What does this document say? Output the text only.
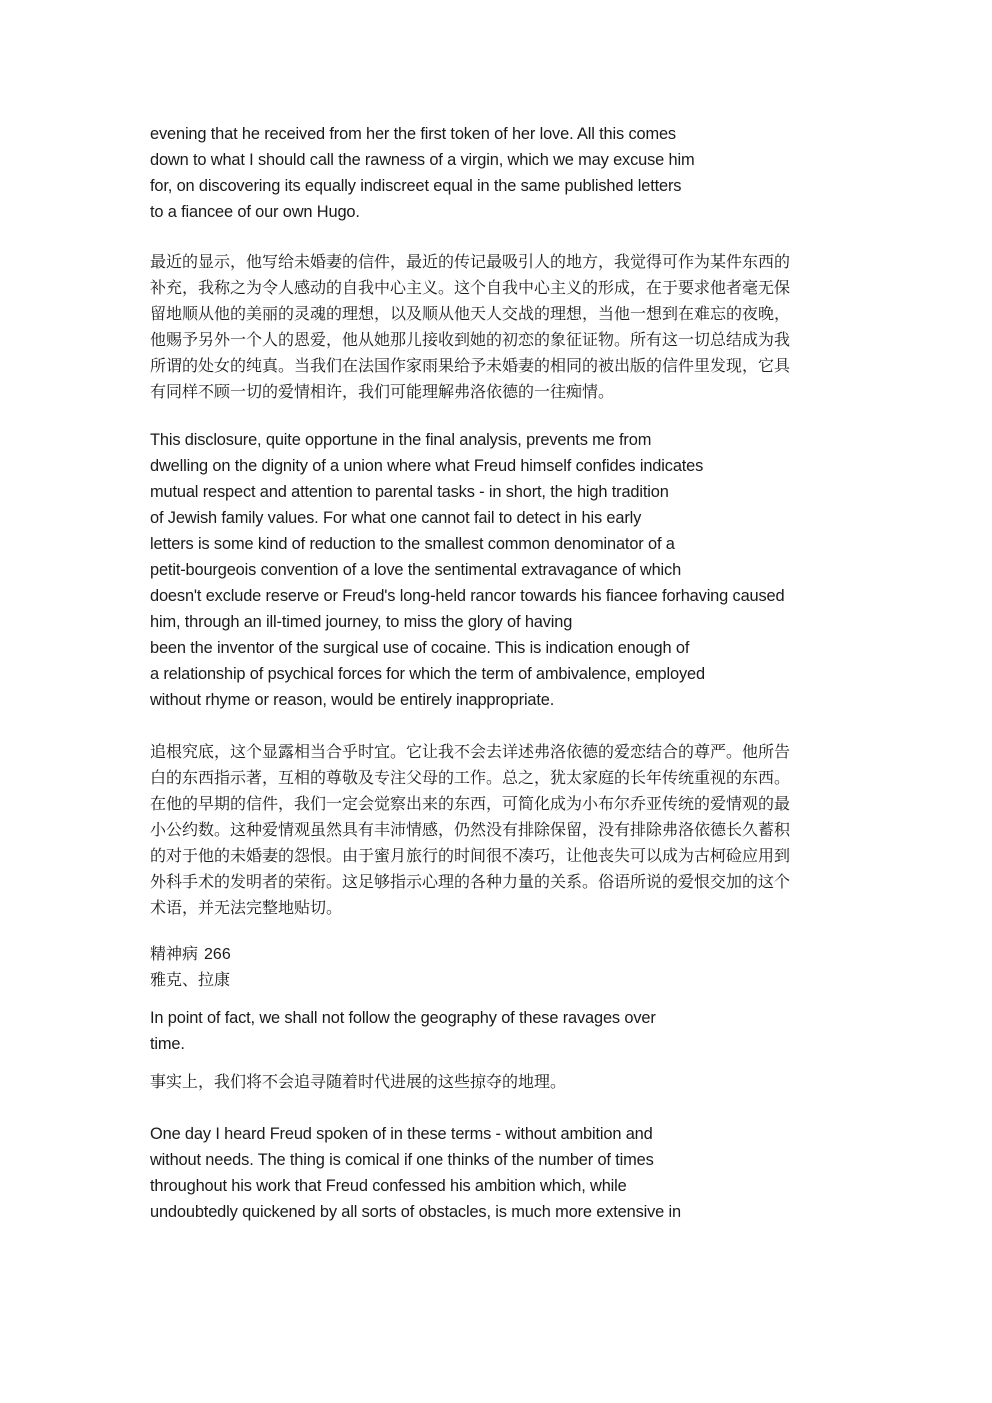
evening that he received from her the first token of her love. All this comes
down to what I should call the rawness of a virgin, which we may excuse him
for, on discovering its equally indiscreet equal in the same published letters
to a fiancee of our own Hugo.
最近的显示，他写给未婚妻的信件，最近的传记最吸引人的地方，我觉得可作为某件东西的
补充，我称之为令人感动的自我中心主义。这个自我中心主义的形成，在于要求他者毫无保
留地顺从他的美丽的灵魂的理想，以及顺从他天人交战的理想，当他一想到在难忘的夜晚，
他赐予另外一个人的恩爱，他从她那儿接收到她的初恋的象征证物。所有这一切总结成为我
所谓的处女的纯真。当我们在法国作家雨果给予未婚妻的相同的被出版的信件里发现，它具
有同样不顾一切的爱情相许，我们可能理解弗洛依德的一往痴情。
This disclosure, quite opportune in the final analysis, prevents me from
dwelling on the dignity of a union where what Freud himself confides indicates
mutual respect and attention to parental tasks - in short, the high tradition
of Jewish family values. For what one cannot fail to detect in his early
letters is some kind of reduction to the smallest common denominator of a
petit-bourgeois convention of a love the sentimental extravagance of which
doesn't exclude reserve or Freud's long-held rancor towards his fiancee forhaving caused
him, through an ill-timed journey, to miss the glory of having
been the inventor of the surgical use of cocaine. This is indication enough of
a relationship of psychical forces for which the term of ambivalence, employed
without rhyme or reason, would be entirely inappropriate.
追根究底，这个显露相当合乎时宜。它让我不会去详述弗洛依德的爱恋结合的尊严。他所告
白的东西指示著，互相的尊敬及专注父母的工作。总之，犹太家庭的长年传统重视的东西。
在他的早期的信件，我们一定会觉察出来的东西，可简化成为小布尔乔亚传统的爱情观的最
小公约数。这种爱情观虽然具有丰沛情感，仍然没有排除保留，没有排除弗洛依德长久蓄积
的对于他的未婚妻的怨恨。由于蜜月旅行的时间很不凑巧，让他丧失可以成为古柯硷应用到
外科手术的发明者的荣衔。这足够指示心理的各种力量的关系。俗语所说的爱恨交加的这个
术语，并无法完整地贴切。
精神病 266
雅克、拉康
In point of fact, we shall not follow the geography of these ravages over
time.
事实上，我们将不会追寻随着时代进展的这些掠夺的地理。
One day I heard Freud spoken of in these terms - without ambition and
without needs. The thing is comical if one thinks of the number of times
throughout his work that Freud confessed his ambition which, while
undoubtedly quickened by all sorts of obstacles, is much more extensive in
